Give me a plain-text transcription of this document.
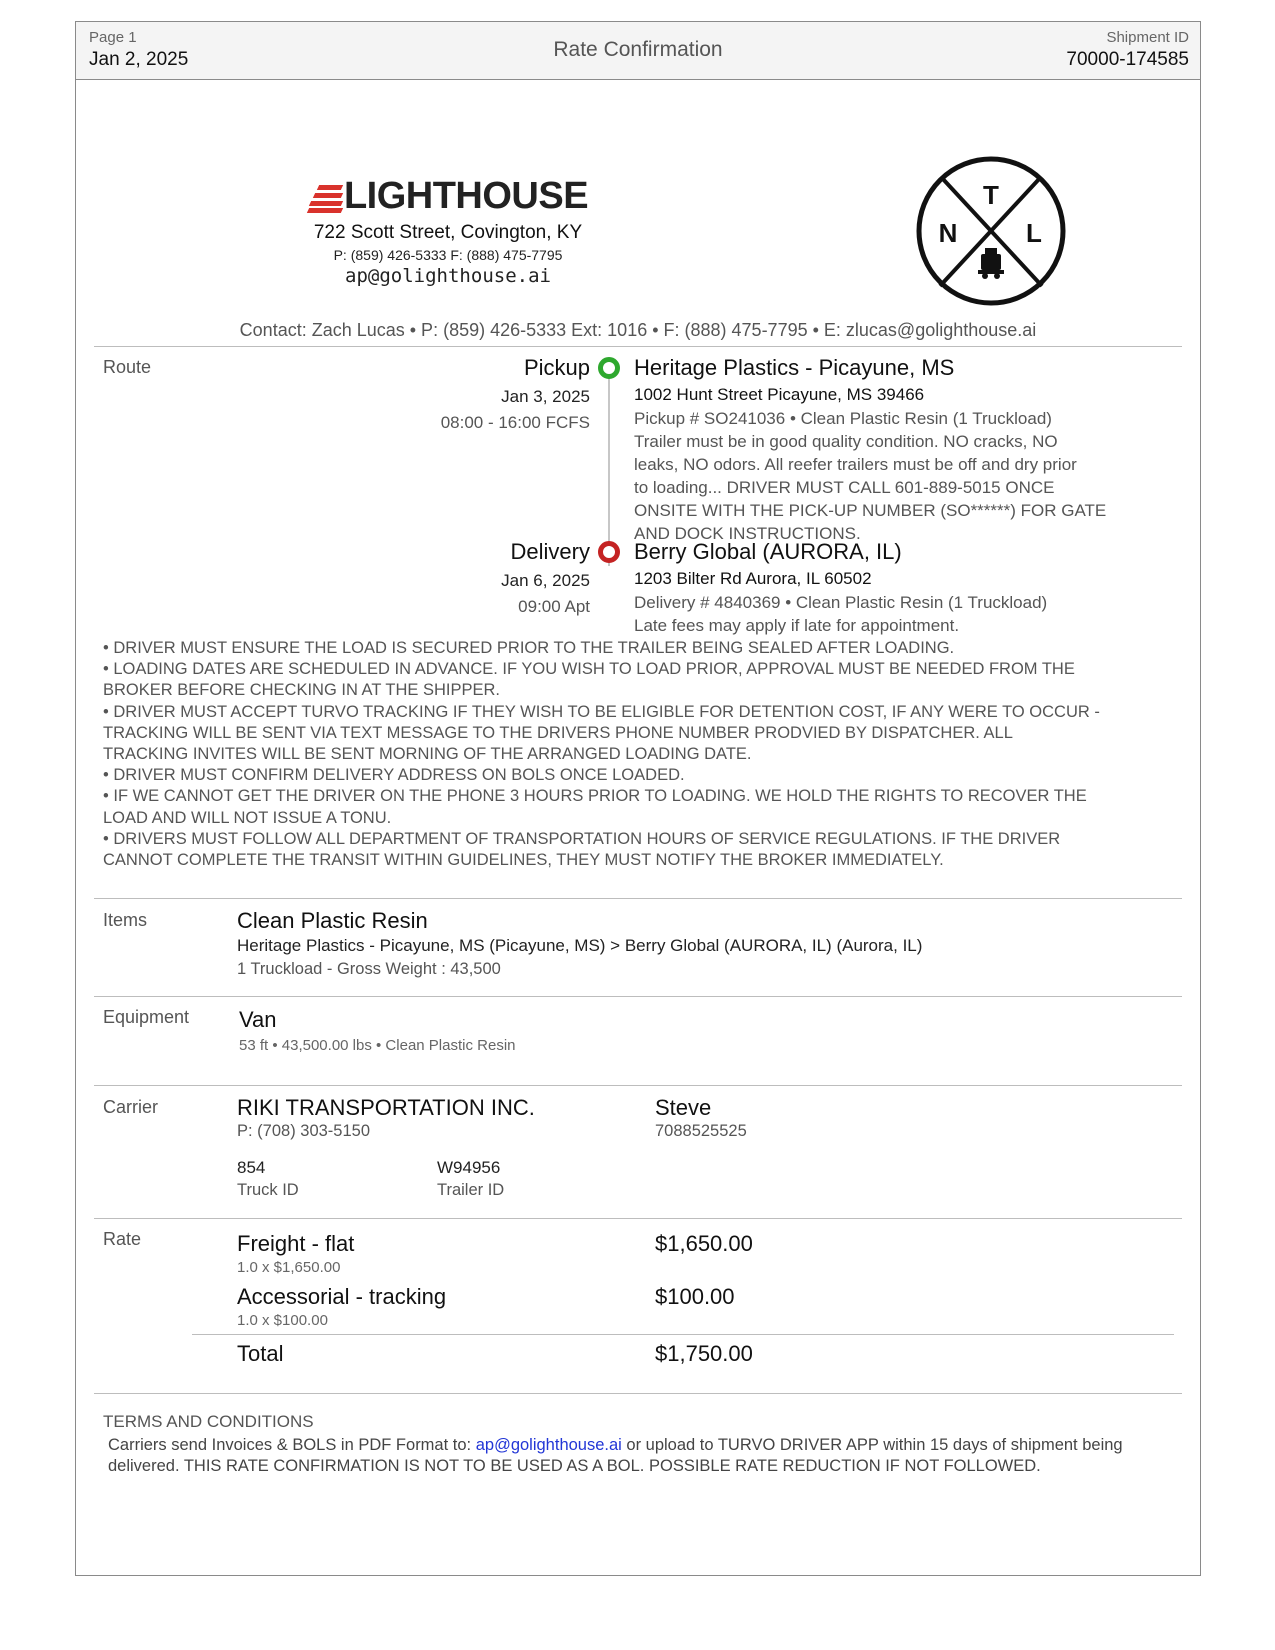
Page 1
Jan 2, 2025	Rate Confirmation
Shipment ID
70000-174585
LIGHTHOUSE
722 Scott Street, Covington, KY
P: (859) 426-5333 F: (888) 475-7795
ap@golighthouse.ai
T
N	L
Contact: Zach Lucas • P: (859) 426-5333 Ext: 1016 • F: (888) 475-7795 • E: zlucas@golighthouse.ai
Route	Pickup
Jan 3, 2025
08:00 - 16:00 FCFS
Heritage Plastics - Picayune, MS
1002 Hunt Street Picayune, MS 39466
Pickup # SO241036 • Clean Plastic Resin (1 Truckload)
Trailer must be in good quality condition. NO cracks, NO
leaks, NO odors. All reefer trailers must be off and dry prior
to loading... DRIVER MUST CALL 601-889-5015 ONCE
ONSITE WITH THE PICK-UP NUMBER (SO******) FOR GATE
AND DOCK INSTRUCTIONS.
Delivery
Jan 6, 2025
09:00 Apt
Berry Global (AURORA, IL)
1203 Bilter Rd Aurora, IL 60502
Delivery # 4840369 • Clean Plastic Resin (1 Truckload)
Late fees may apply if late for appointment.
• DRIVER MUST ENSURE THE LOAD IS SECURED PRIOR TO THE TRAILER BEING SEALED AFTER LOADING.
• LOADING DATES ARE SCHEDULED IN ADVANCE. IF YOU WISH TO LOAD PRIOR, APPROVAL MUST BE NEEDED FROM THE
BROKER BEFORE CHECKING IN AT THE SHIPPER.
• DRIVER MUST ACCEPT TURVO TRACKING IF THEY WISH TO BE ELIGIBLE FOR DETENTION COST, IF ANY WERE TO OCCUR -
TRACKING WILL BE SENT VIA TEXT MESSAGE TO THE DRIVERS PHONE NUMBER PRODVIED BY DISPATCHER. ALL
TRACKING INVITES WILL BE SENT MORNING OF THE ARRANGED LOADING DATE.
• DRIVER MUST CONFIRM DELIVERY ADDRESS ON BOLS ONCE LOADED.
• IF WE CANNOT GET THE DRIVER ON THE PHONE 3 HOURS PRIOR TO LOADING. WE HOLD THE RIGHTS TO RECOVER THE
LOAD AND WILL NOT ISSUE A TONU.
• DRIVERS MUST FOLLOW ALL DEPARTMENT OF TRANSPORTATION HOURS OF SERVICE REGULATIONS. IF THE DRIVER
CANNOT COMPLETE THE TRANSIT WITHIN GUIDELINES, THEY MUST NOTIFY THE BROKER IMMEDIATELY.
Items	Clean Plastic Resin
Heritage Plastics - Picayune, MS (Picayune, MS) > Berry Global (AURORA, IL) (Aurora, IL)
1 Truckload - Gross Weight : 43,500
Equipment Van
53 ft • 43,500.00 lbs • Clean Plastic Resin
Carrier	RIKI TRANSPORTATION INC.
P: (708) 303-5150
Steve
7088525525
854
Truck ID
W94956
Trailer ID
Rate	Freight - flat
1.0 x $1,650.00
$1,650.00
Accessorial - tracking
1.0 x $100.00
$100.00
Total	$1,750.00
TERMS AND CONDITIONS
Carriers send Invoices & BOLS in PDF Format to: ap@golighthouse.ai or upload to TURVO DRIVER APP within 15 days of shipment being delivered. THIS RATE CONFIRMATION IS NOT TO BE USED AS A BOL. POSSIBLE RATE REDUCTION IF NOT FOLLOWED.
